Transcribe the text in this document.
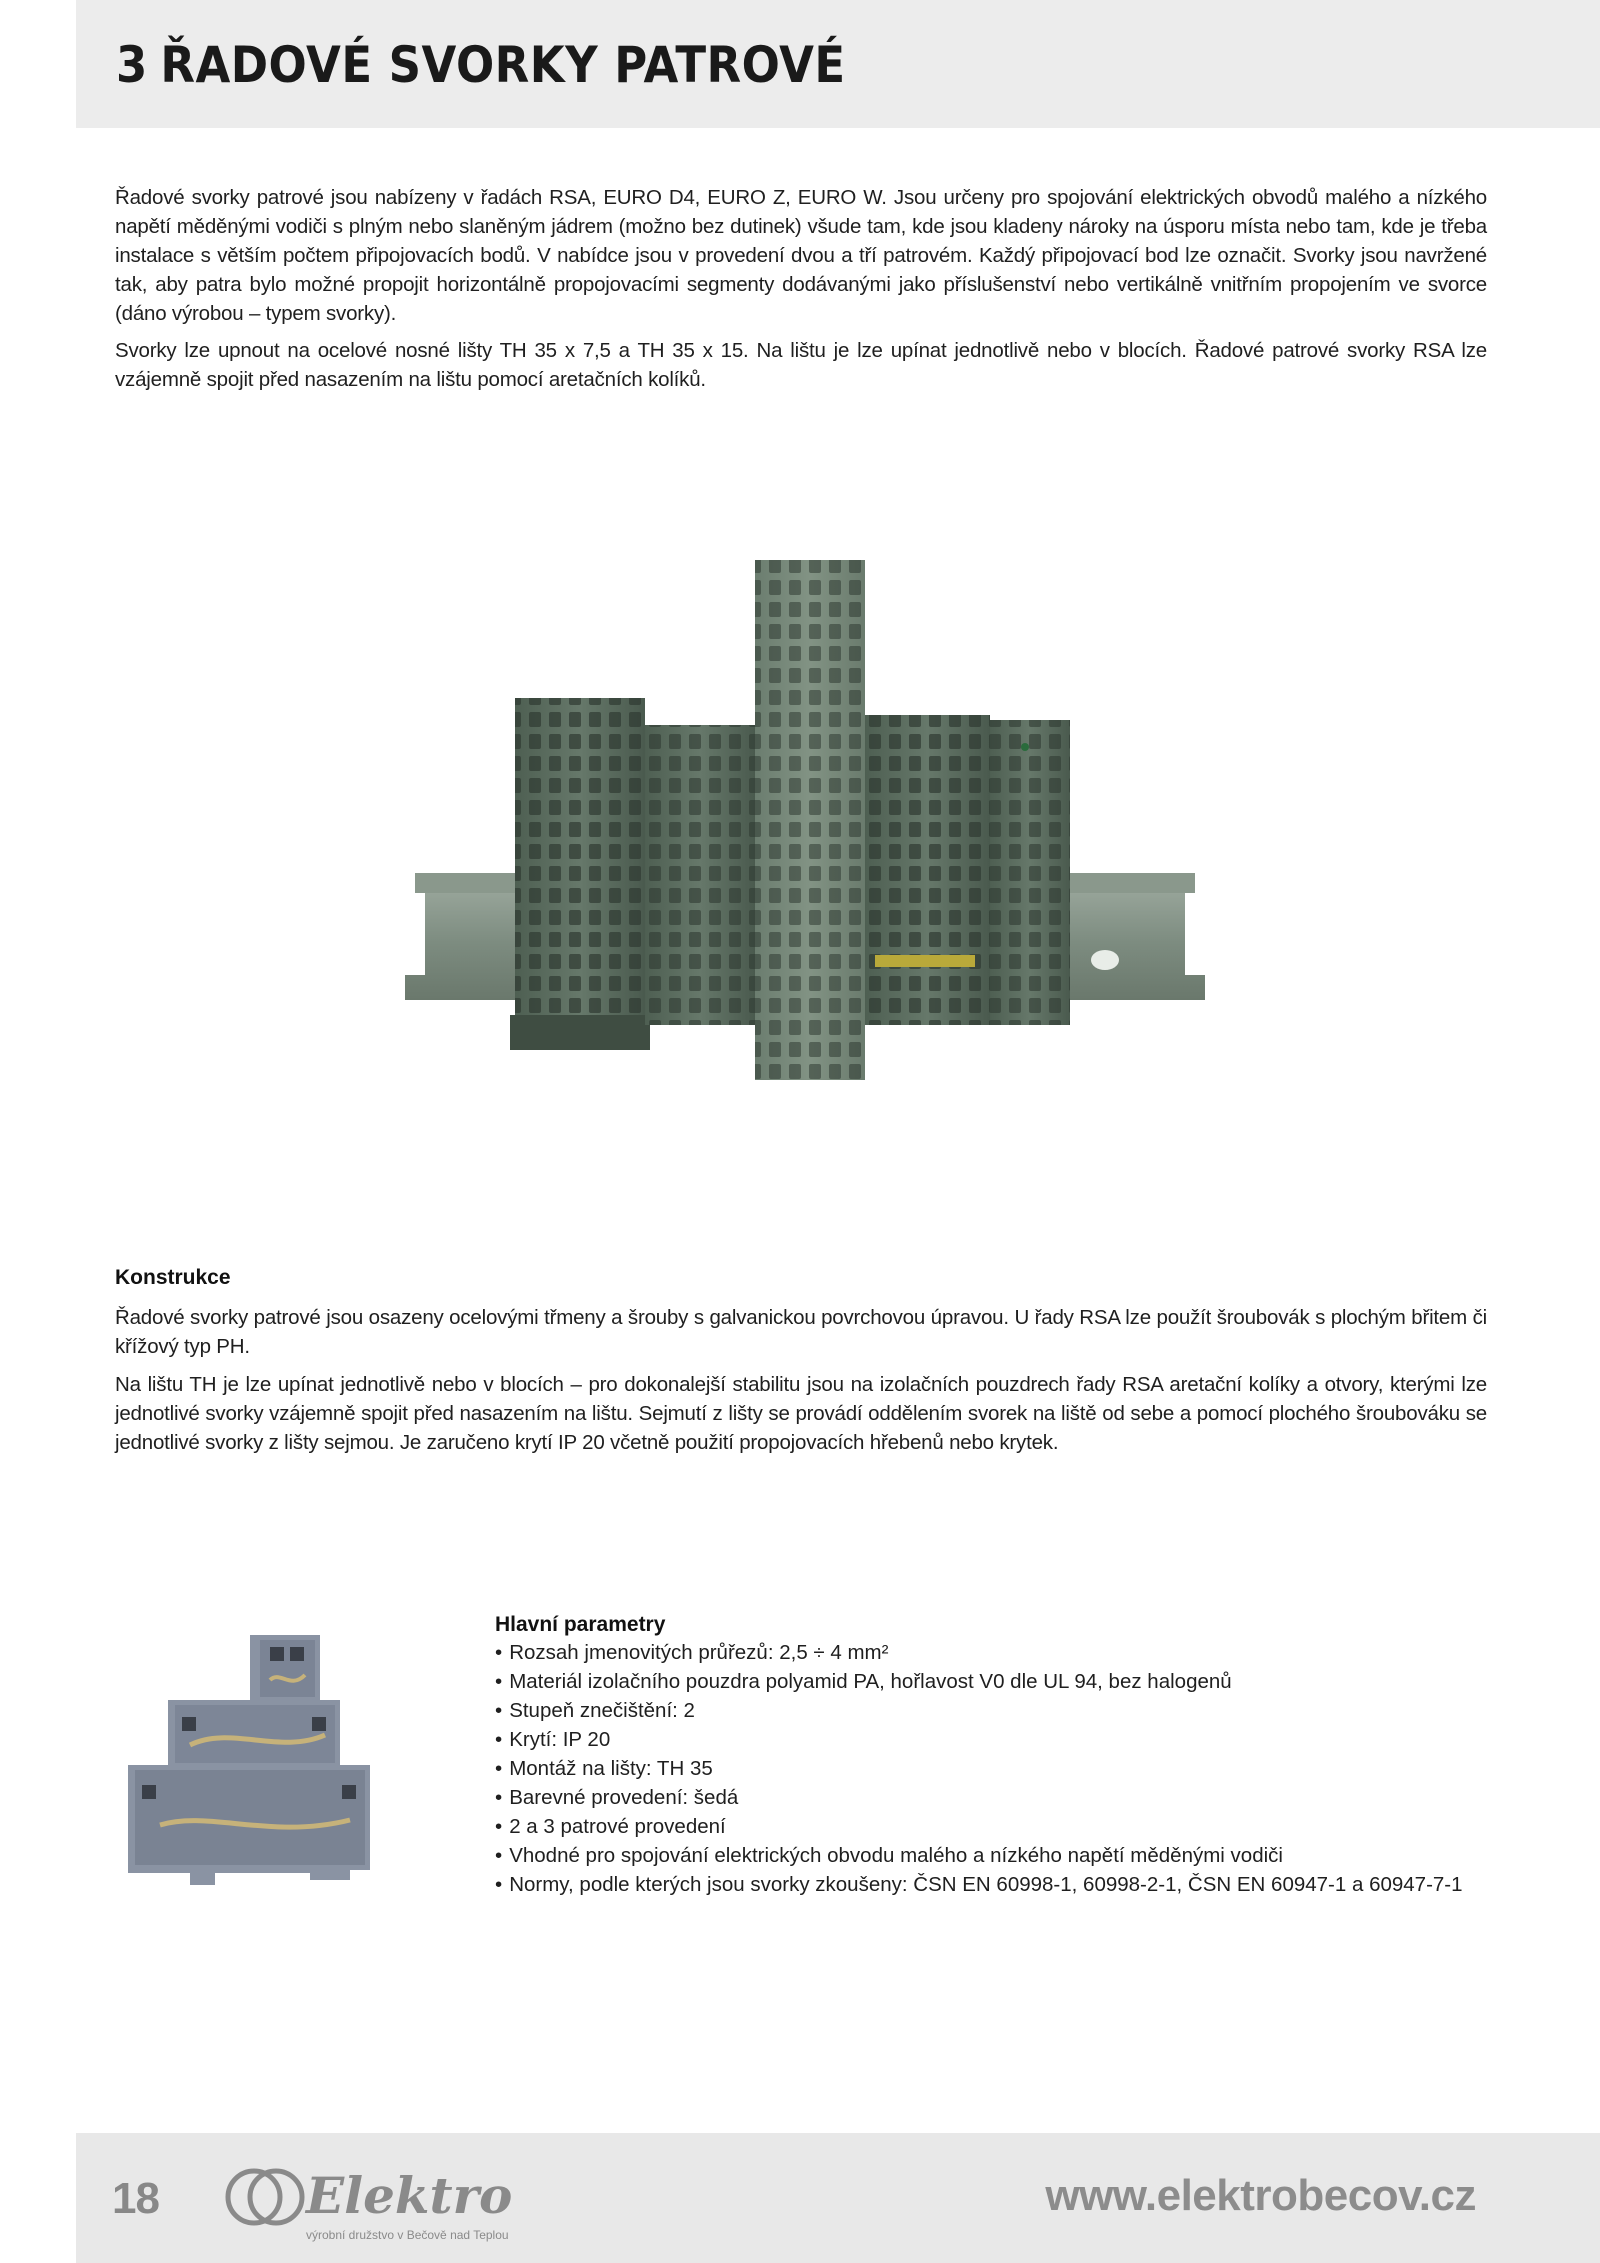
3 ŘADOVÉ SVORKY PATROVÉ

Řadové svorky patrové jsou nabízeny v řadách RSA, EURO D4, EURO Z, EURO W. Jsou určeny pro spojování elektrických obvodů malého a nízkého napětí měděnými vodiči s plným nebo slaněným jádrem (možno bez dutinek) všude tam, kde jsou kladeny nároky na úsporu místa nebo tam, kde je třeba instalace s větším počtem připojovacích bodů. V nabídce jsou v provedení dvou a tří patrovém. Každý připojovací bod lze označit. Svorky jsou navržené tak, aby patra bylo možné propojit horizontálně propojovacími segmenty dodávanými jako příslušenství nebo vertikálně vnitřním propojením ve svorce (dáno výrobou – typem svorky).

Svorky lze upnout na ocelové nosné lišty TH 35 x 7,5 a TH 35 x 15. Na lištu je lze upínat jednotlivě nebo v blocích. Řadové patrové svorky RSA lze vzájemně spojit před nasazením na lištu pomocí aretačních kolíků.

Konstrukce

Řadové svorky patrové jsou osazeny ocelovými třmeny a šrouby s galvanickou povrchovou úpravou. U řady RSA lze použít šroubovák s plochým břitem či křížový typ PH.

Na lištu TH je lze upínat jednotlivě nebo v blocích – pro dokonalejší stabilitu jsou na izolačních pouzdrech řady RSA aretační kolíky a otvory, kterými lze jednotlivé svorky vzájemně spojit před nasazením na lištu. Sejmutí z lišty se provádí oddělením svorek na liště od sebe a pomocí plochého šroubováku se jednotlivé svorky z lišty sejmou. Je zaručeno krytí IP 20 včetně použití propojovacích hřebenů nebo krytek.

Hlavní parametry
• Rozsah jmenovitých průřezů: 2,5 ÷ 4 mm²
• Materiál izolačního pouzdra polyamid PA, hořlavost V0 dle UL 94, bez halogenů
• Stupeň znečištění: 2
• Krytí: IP 20
• Montáž na lišty: TH 35
• Barevné provedení: šedá
• 2 a 3 patrové provedení
• Vhodné pro spojování elektrických obvodu malého a nízkého napětí měděnými vodiči
• Normy, podle kterých jsou svorky zkoušeny: ČSN EN 60998-1, 60998-2-1, ČSN EN 60947-1 a 60947-7-1
18	Elektro
výrobní družstvo v Bečově nad Teplou
www.elektrobecov.cz
